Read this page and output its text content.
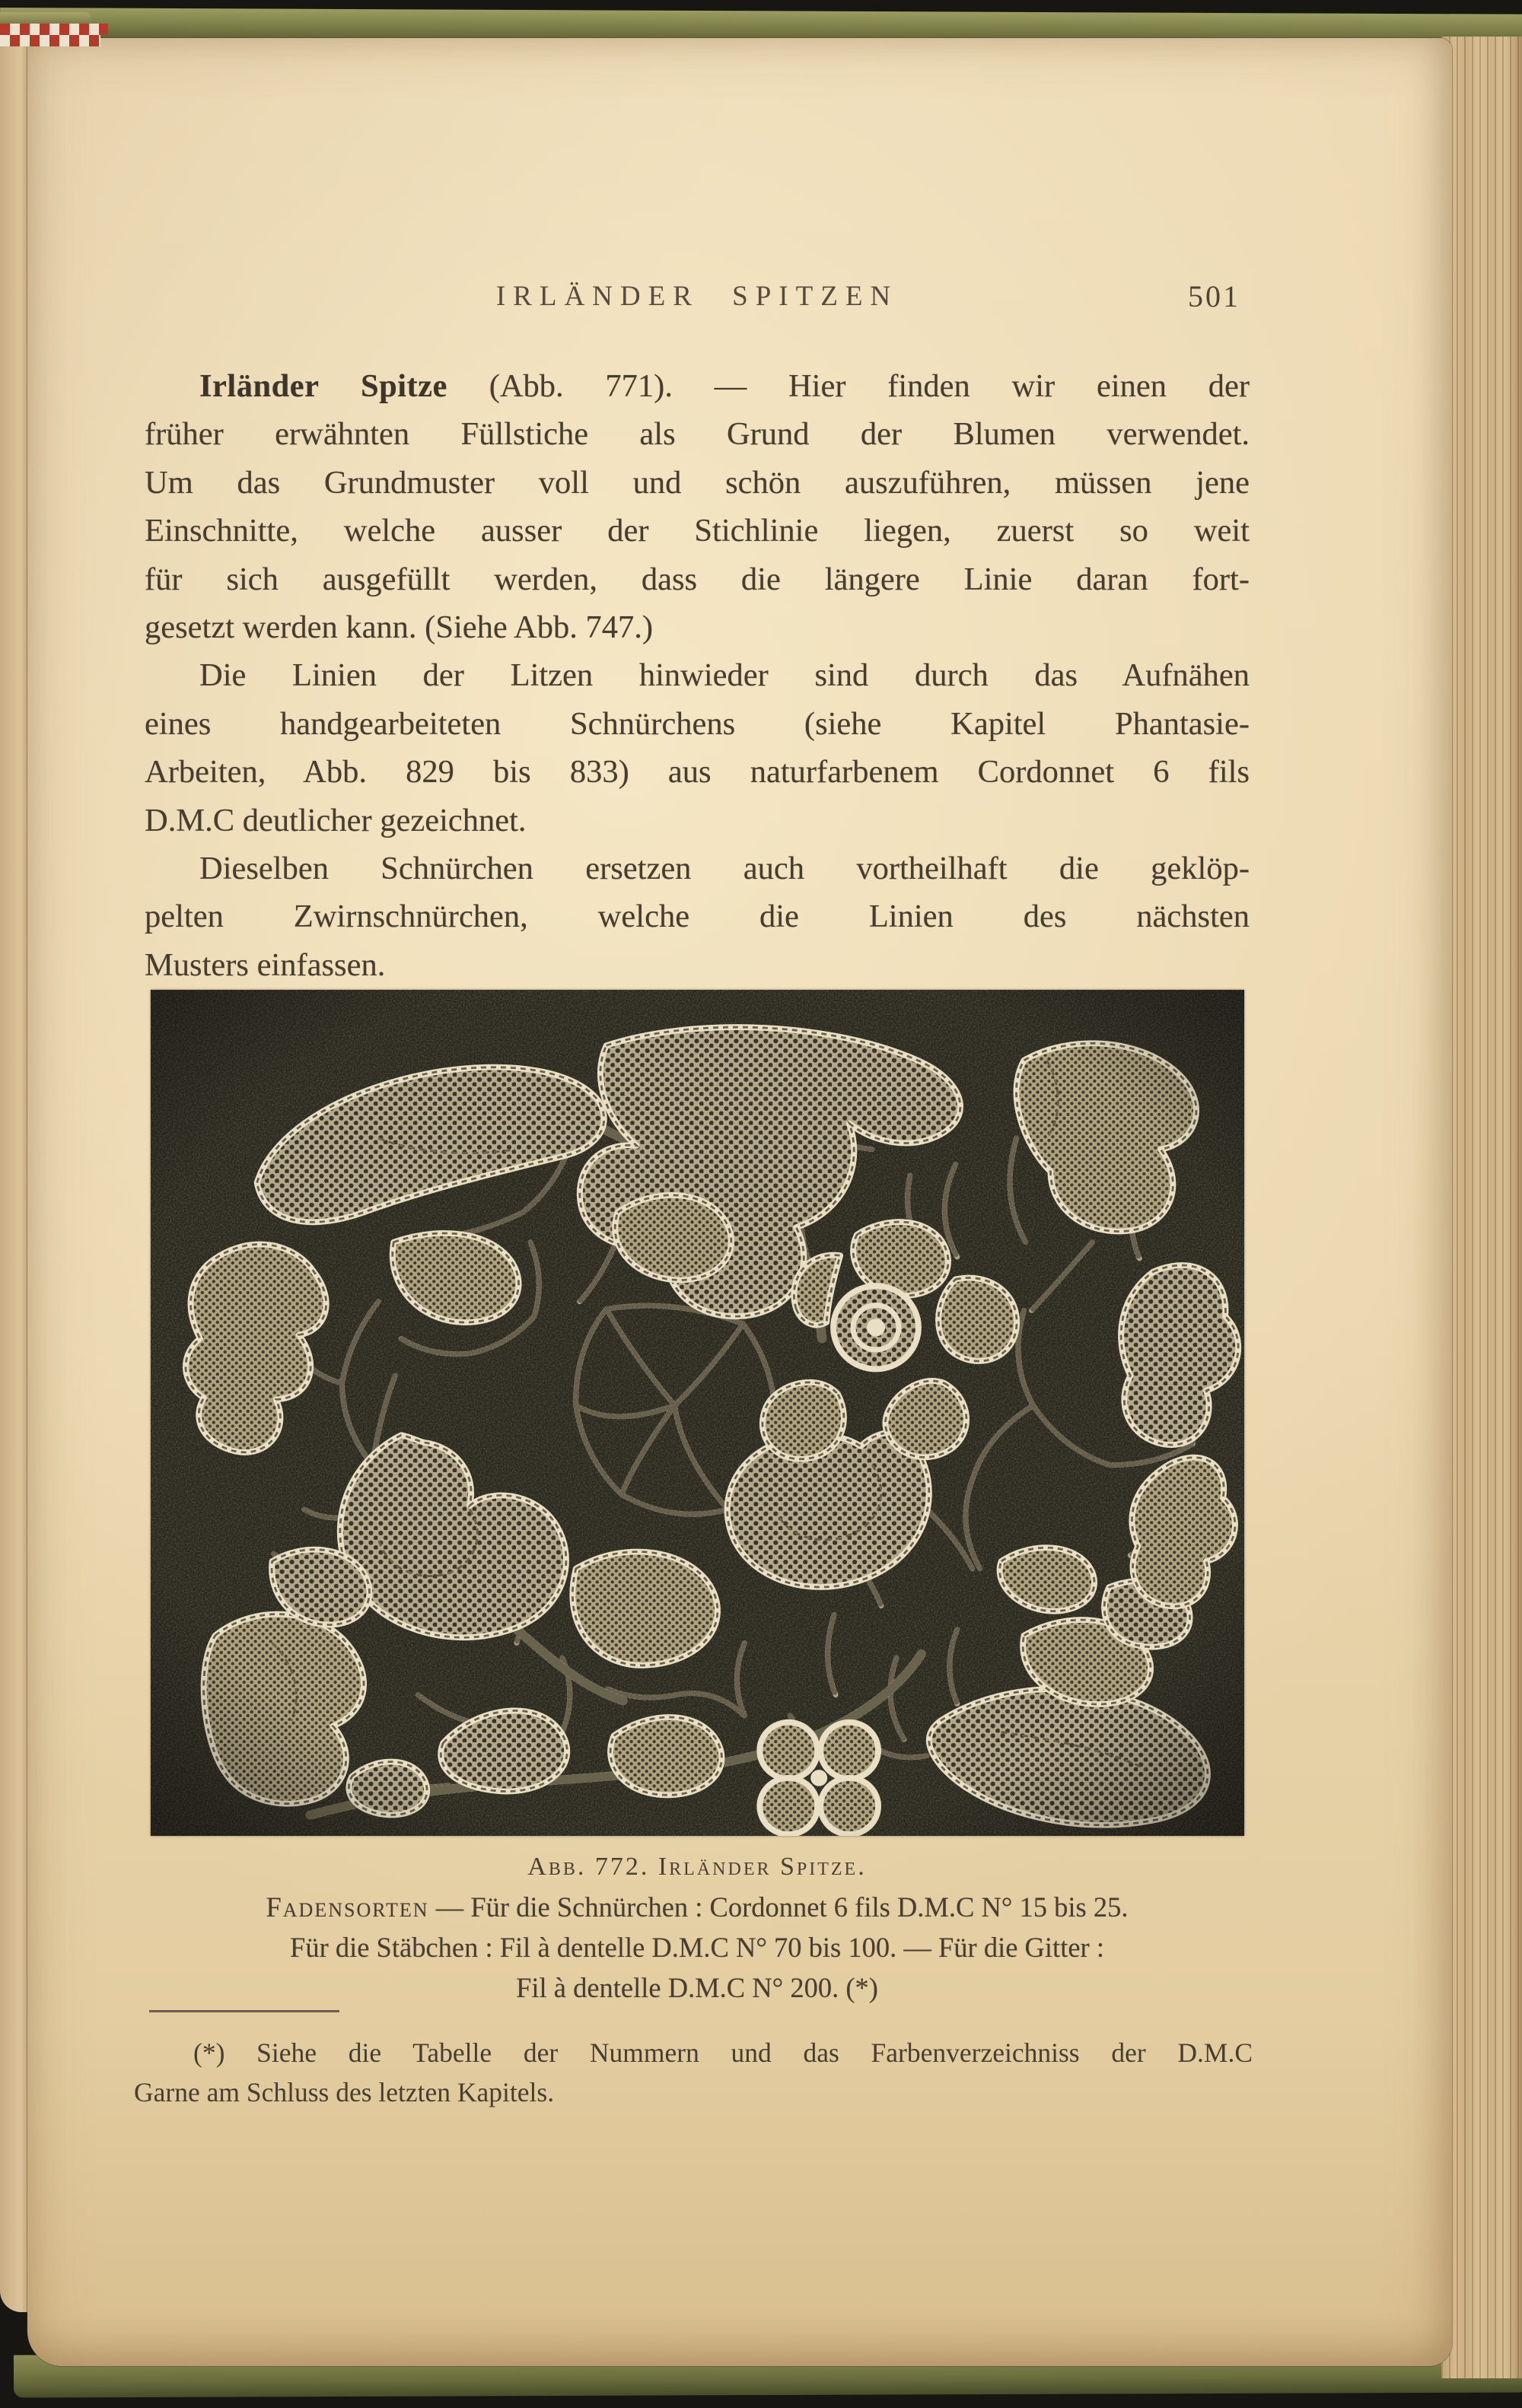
IRLÄNDER SPITZEN	501
Irländer Spitze (Abb. 771). — Hier finden wir einen der
früher erwähnten Füllstiche als Grund der Blumen verwendet.
Um das Grundmuster voll und schön auszuführen, müssen jene
Einschnitte, welche ausser der Stichlinie liegen, zuerst so weit
für sich ausgefüllt werden, dass die längere Linie daran fort-
gesetzt werden kann. (Siehe Abb. 747.)
Die Linien der Litzen hinwieder sind durch das Aufnähen
eines handgearbeiteten Schnürchens (siehe Kapitel Phantasie-
Arbeiten, Abb. 829 bis 833) aus naturfarbenem Cordonnet 6 fils
D.M.C deutlicher gezeichnet.
Dieselben Schnürchen ersetzen auch vortheilhaft die geklöp-
pelten Zwirnschnürchen, welche die Linien des nächsten
Musters einfassen.
Abb. 772. Irländer Spitze.
Fadensorten — Für die Schnürchen : Cordonnet 6 fils D.M.C N° 15 bis 25.
Für die Stäbchen : Fil à dentelle D.M.C N° 70 bis 100. — Für die Gitter :
Fil à dentelle D.M.C N° 200. (*)
(*) Siehe die Tabelle der Nummern und das Farbenverzeichniss der D.M.C
Garne am Schluss des letzten Kapitels.
